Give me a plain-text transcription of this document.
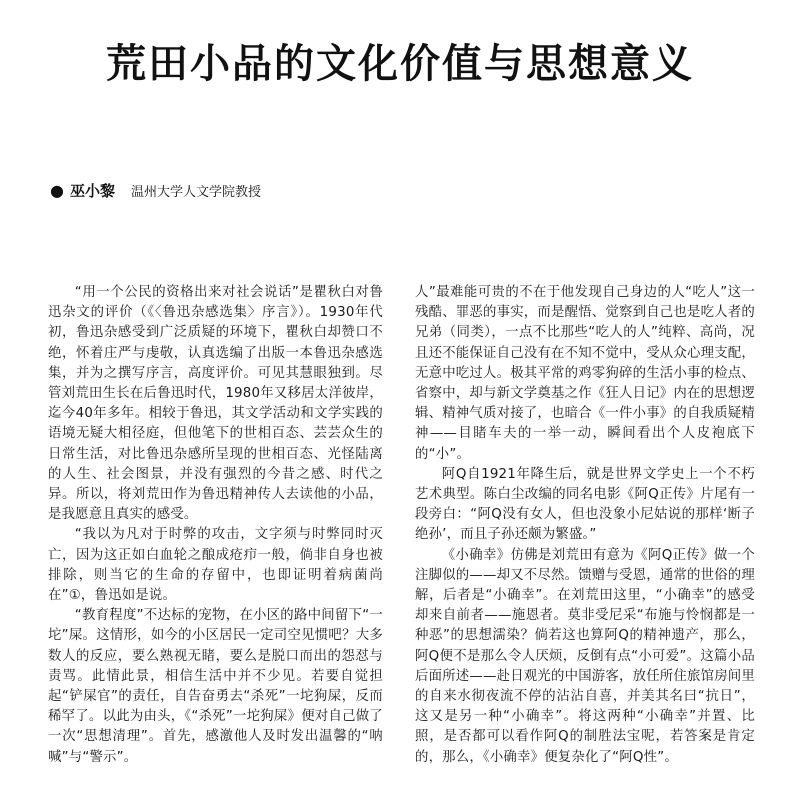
荒田小品的文化价值与思想意义
● 巫小黎 温州大学人文学院教授

“用一个公民的资格出来对社会说话”是瞿秋白对鲁迅杂文的评价（《〈鲁迅杂感选集〉序言》）。1930年代初，鲁迅杂感受到广泛质疑的环境下，瞿秋白却赞口不绝，怀着庄严与虔敬，认真选编了出版一本鲁迅杂感选集，并为之撰写序言，高度评价。可见其慧眼独到。尽管刘荒田生长在后鲁迅时代，1980年又移居太洋彼岸，迄今40年多年。相较于鲁迅，其文学活动和文学实践的语境无疑大相径庭，但他笔下的世相百态、芸芸众生的日常生活，对比鲁迅杂感所呈现的世相百态、光怪陆离的人生、社会图景，并没有强烈的今昔之感、时代之异。所以，将刘荒田作为鲁迅精神传人去读他的小品，是我愿意且真实的感受。

“我以为凡对于时弊的攻击，文字须与时弊同时灭亡，因为这正如白血轮之酿成疮疖一般，倘非自身也被排除，则当它的生命的存留中，也即证明着病菌尚在”①，鲁迅如是说。

“教育程度”不达标的宠物，在小区的路中间留下“一坨”屎。这情形，如今的小区居民一定司空见惯吧？大多数人的反应，要么熟视无睹，要么是脱口而出的怨怼与责骂。此情此景，相信生活中并不少见。若要自觉担起“铲屎官”的责任，自告奋勇去“杀死”一坨狗屎，反而稀罕了。以此为由头，《“杀死”一坨狗屎》便对自己做了一次“思想清理”。首先，感激他人及时发出温馨的“呐喊”与“警示”。

人”最难能可贵的不在于他发现自己身边的人“吃人”这一残酷、罪恶的事实，而是醒悟、觉察到自己也是吃人者的兄弟（同类），一点不比那些“吃人的人”纯粹、高尚，况且还不能保证自己没有在不知不觉中，受从众心理支配，无意中吃过人。极其平常的鸡零狗碎的生活小事的检点、省察中，却与新文学奠基之作《狂人日记》内在的思想逻辑、精神气质对接了，也暗合《一件小事》的自我质疑精神——目睹车夫的一举一动，瞬间看出个人皮袍底下的“小”。

阿Q自1921年降生后，就是世界文学史上一个不朽艺术典型。陈白尘改编的同名电影《阿Q正传》片尾有一段旁白：“阿Q没有女人，但也没象小尼姑说的那样‘断子绝孙’，而且子孙还颇为繁盛。”

《小确幸》仿佛是刘荒田有意为《阿Q正传》做一个注脚似的——却又不尽然。馈赠与受恩，通常的世俗的理解，后者是“小确幸”。在刘荒田这里，“小确幸”的感受却来自前者——施恩者。莫非受尼采“布施与怜悯都是一种恶”的思想濡染？倘若这也算阿Q的精神遗产，那么，阿Q便不是那么令人厌烦，反倒有点“小可爱”。这篇小品后面所述——赴日观光的中国游客，放任所住旅馆房间里的自来水彻夜流不停的沾沾自喜，并美其名曰“抗日”，这又是另一种“小确幸”。将这两种“小确幸”并置、比照，是否都可以看作阿Q的制胜法宝呢，若答案是肯定的，那么，《小确幸》便复杂化了“阿Q性”。
